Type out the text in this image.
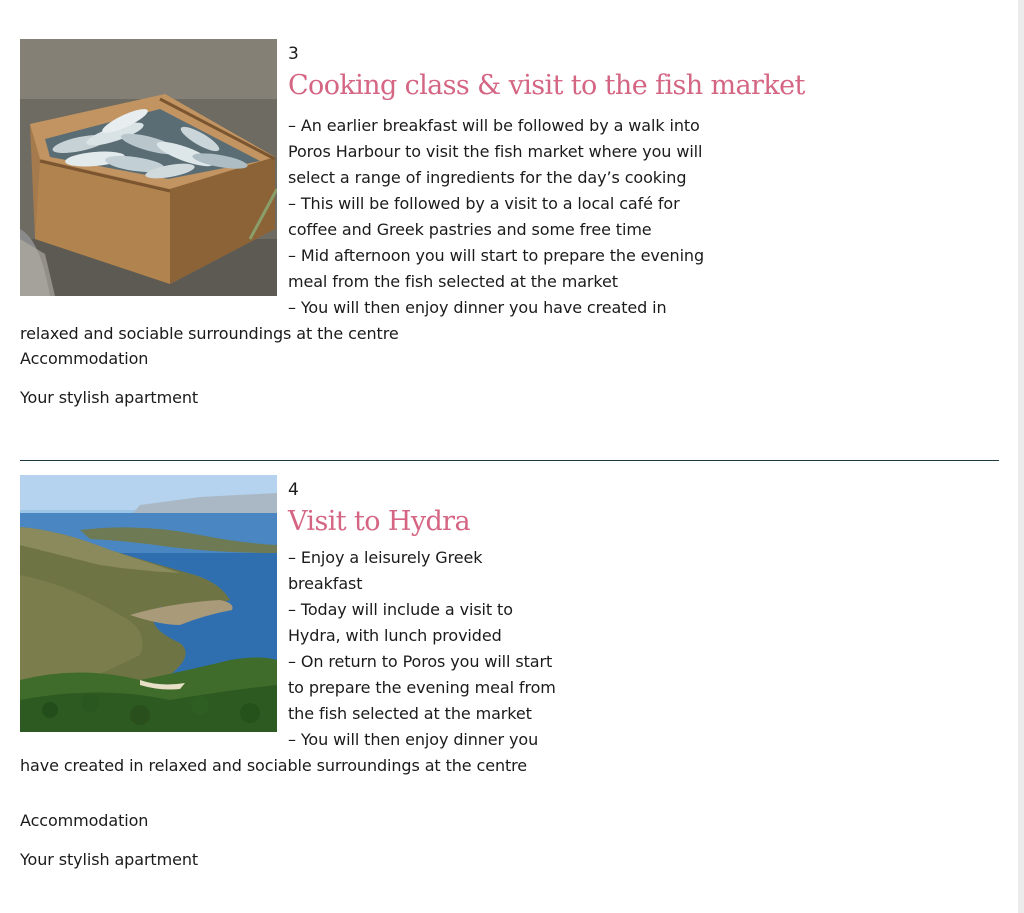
3
Cooking class & visit to the fish market

– An earlier breakfast will be followed by a walk into Poros Harbour to visit the fish market where you will select a range of ingredients for the day’s cooking
– This will be followed by a visit to a local café for coffee and Greek pastries and some free time
– Mid afternoon you will start to prepare the evening meal from the fish selected at the market
– You will then enjoy dinner you have created in relaxed and sociable surroundings at the centre

Accommodation

Your stylish apartment

4
Visit to Hydra

– Enjoy a leisurely Greek breakfast
– Today will include a visit to Hydra, with lunch provided
– On return to Poros you will start to prepare the evening meal from the fish selected at the market
– You will then enjoy dinner you have created in relaxed and sociable surroundings at the centre

Accommodation

Your stylish apartment
